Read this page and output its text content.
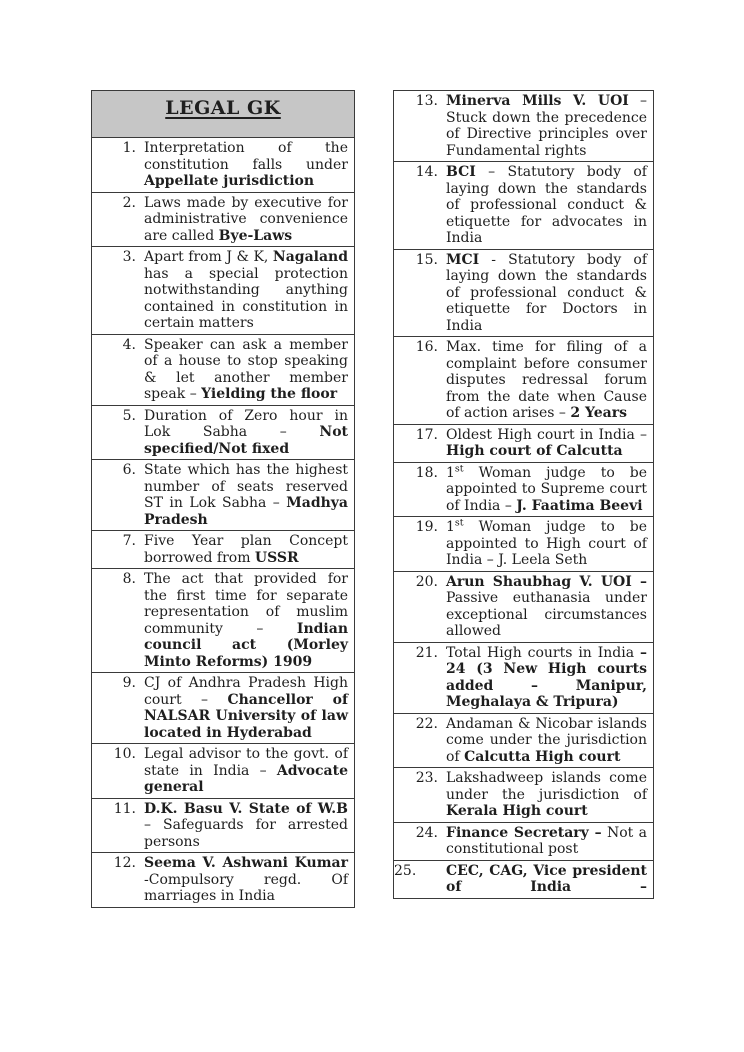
LEGAL GK
1. Interpretation of the constitution falls under Appellate jurisdiction
2. Laws made by executive for administrative convenience are called Bye-Laws
3. Apart from J & K, Nagaland has a special protection notwithstanding anything contained in constitution in certain matters
4. Speaker can ask a member of a house to stop speaking & let another member speak – Yielding the floor
5. Duration of Zero hour in Lok Sabha – Not specified/Not fixed
6. State which has the highest number of seats reserved ST in Lok Sabha – Madhya Pradesh
7. Five Year plan Concept borrowed from USSR
8. The act that provided for the first time for separate representation of muslim community – Indian council act (Morley Minto Reforms) 1909
9. CJ of Andhra Pradesh High court – Chancellor of NALSAR University of law located in Hyderabad
10. Legal advisor to the govt. of state in India – Advocate general
11. D.K. Basu V. State of W.B – Safeguards for arrested persons
12. Seema V. Ashwani Kumar -Compulsory regd. Of marriages in India
13. Minerva Mills V. UOI – Stuck down the precedence of Directive principles over Fundamental rights
14. BCI – Statutory body of laying down the standards of professional conduct & etiquette for advocates in India
15. MCI - Statutory body of laying down the standards of professional conduct & etiquette for Doctors in India
16. Max. time for filing of a complaint before consumer disputes redressal forum from the date when Cause of action arises – 2 Years
17. Oldest High court in India – High court of Calcutta
18. 1st Woman judge to be appointed to Supreme court of India – J. Faatima Beevi
19. 1st Woman judge to be appointed to High court of India – J. Leela Seth
20. Arun Shaubhag V. UOI – Passive euthanasia under exceptional circumstances allowed
21. Total High courts in India – 24 (3 New High courts added – Manipur, Meghalaya & Tripura)
22. Andaman & Nicobar islands come under the jurisdiction of Calcutta High court
23. Lakshadweep islands come under the jurisdiction of Kerala High court
24. Finance Secretary – Not a constitutional post
25.	CEC, CAG, Vice president of India –
